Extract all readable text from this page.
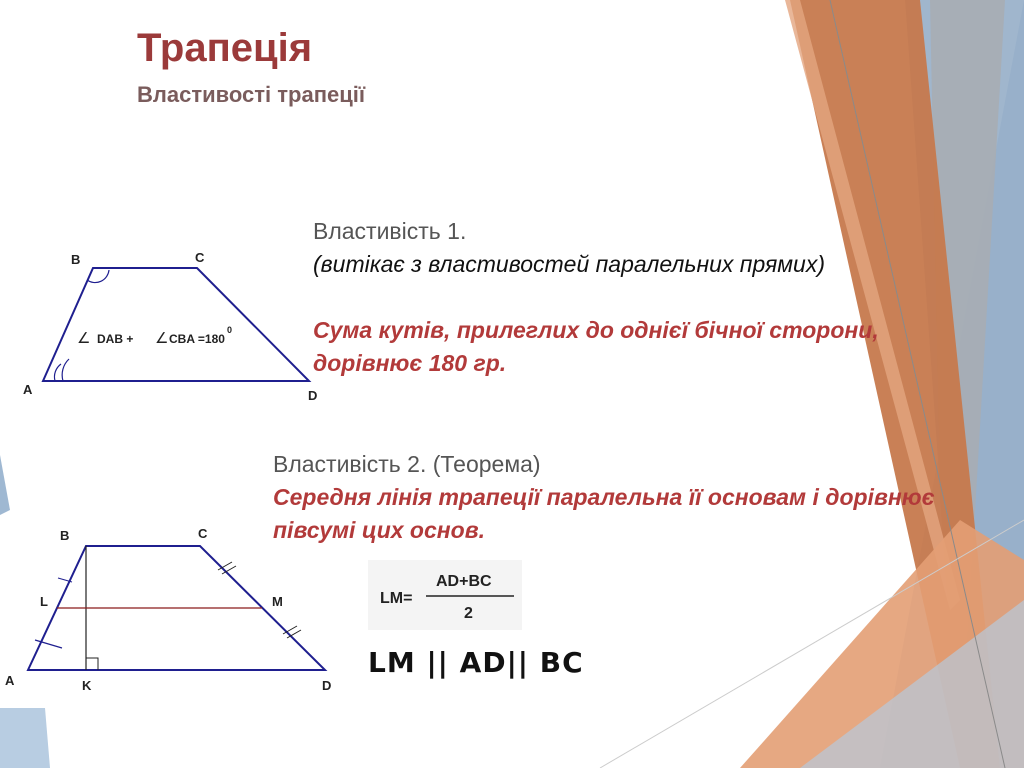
Трапеція
Властивості трапеції
A
B	C
D
∠ DAB + ∠ CBA =180
0
Властивість 1.
(витікає з властивостей паралельних прямих)
Сума кутів, прилеглих до однієї бічної сторони, дорівнює 180 гр.
Властивість 2. (Теорема)
Середня лінія трапеції паралельна її основам і дорівнює півсумі цих основ.
A
B	C
D
K
L	M	LM=
AD+BC
2
LM || AD|| BC
